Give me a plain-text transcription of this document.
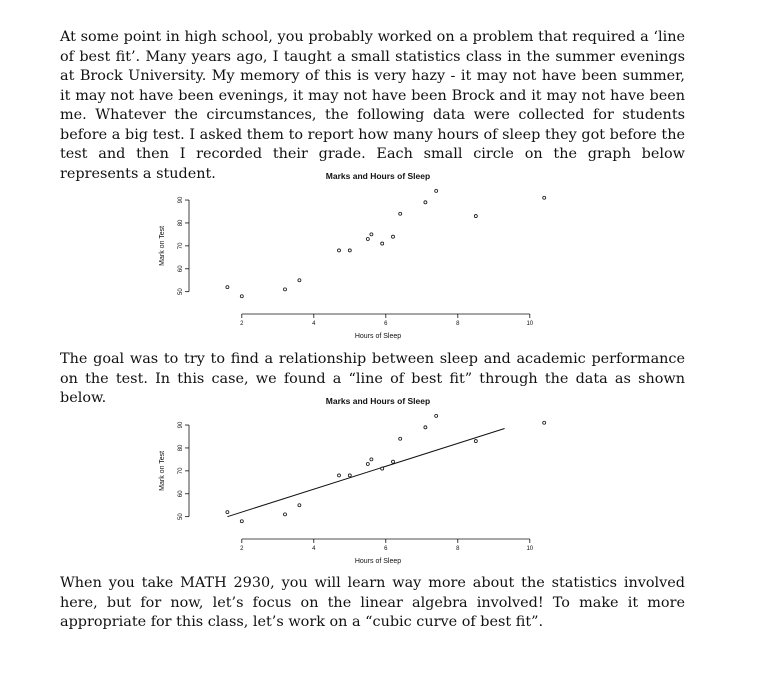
At some point in high school, you probably worked on a problem that required a ‘line of best fit’. Many years ago, I taught a small statistics class in the summer evenings at Brock University. My memory of this is very hazy - it may not have been summer, it may not have been evenings, it may not have been Brock and it may not have been me. Whatever the circumstances, the following data were collected for students before a big test. I asked them to report how many hours of sleep they got before the test and then I recorded their grade. Each small circle on the graph below represents a student.	Marks and Hours of Sleep
2	4	6	8	10
Hours of Sleep
50
60
70
80
90
Mark on Test

The goal was to try to find a relationship between sleep and academic performance on the test. In this case, we found a “line of best fit” through the data as shown below.	Marks and Hours of Sleep
2	4	6	8	10
Hours of Sleep
50
60
70
80
90
Mark on Test

When you take MATH 2930, you will learn way more about the statistics involved here, but for now, let’s focus on the linear algebra involved! To make it more appropriate for this class, let’s work on a “cubic curve of best fit”.
